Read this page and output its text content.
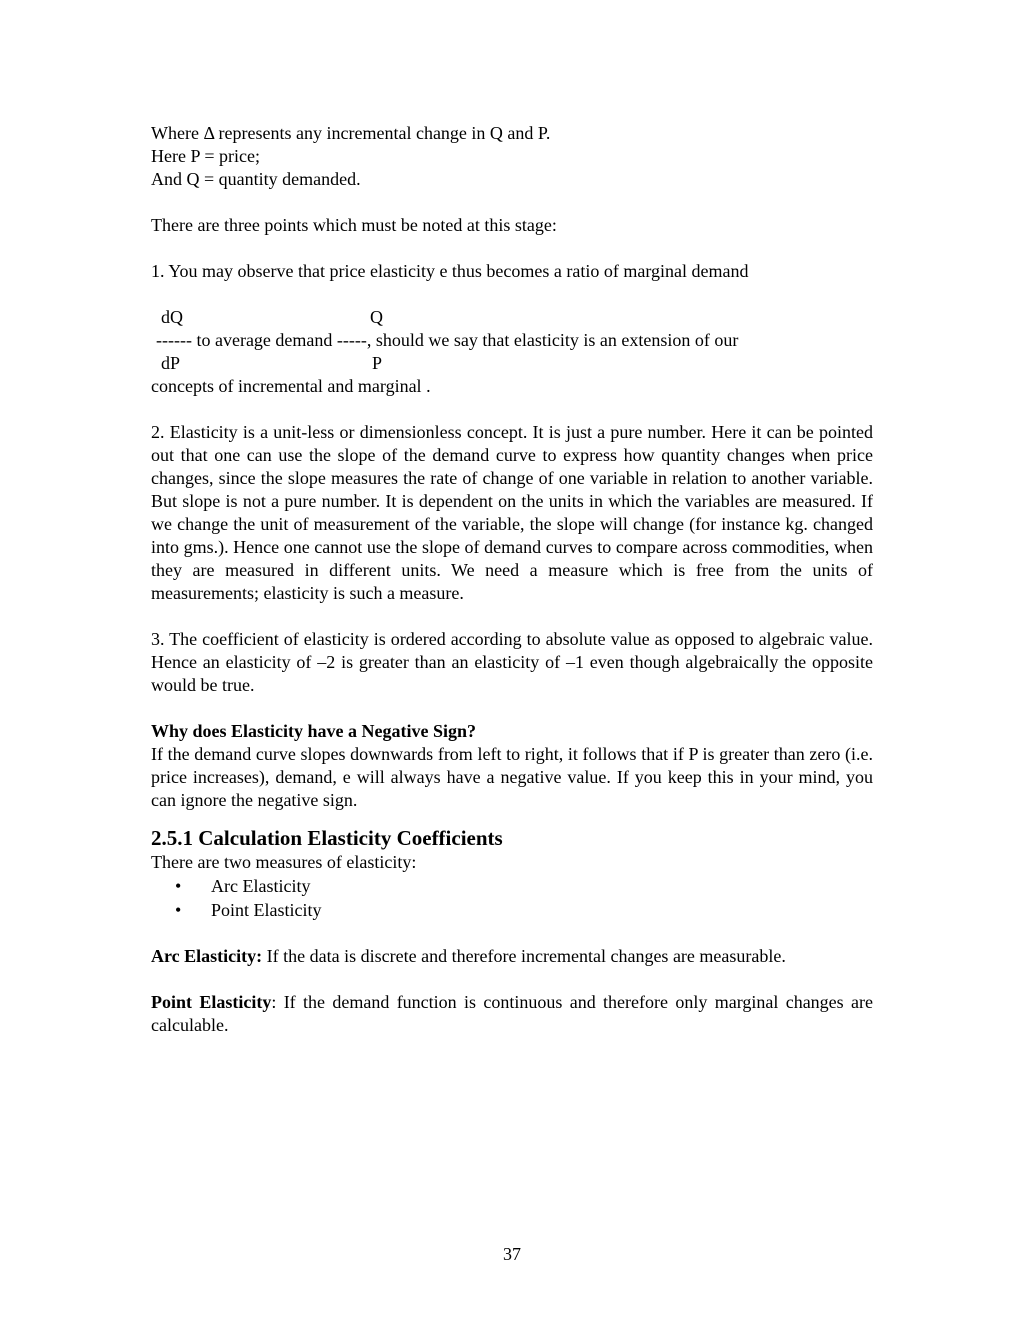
Where Δ represents any incremental change in Q and P.
Here P = price;
And Q = quantity demanded.
There are three points which must be noted at this stage:
1. You may observe that price elasticity e thus becomes a ratio of marginal demand
dQ	Q
------ to average demand -----, should we say that elasticity is an extension of our
dP	P
concepts of incremental and marginal .

2. Elasticity is a unit-less or dimensionless concept. It is just a pure number. Here it can be pointed out that one can use the slope of the demand curve to express how quantity changes when price changes, since the slope measures the rate of change of one variable in relation to another variable. But slope is not a pure number. It is dependent on the units in which the variables are measured. If we change the unit of measurement of the variable, the slope will change (for instance kg. changed into gms.). Hence one cannot use the slope of demand curves to compare across commodities, when they are measured in different units. We need a measure which is free from the units of measurements; elasticity is such a measure.

3. The coefficient of elasticity is ordered according to absolute value as opposed to algebraic value. Hence an elasticity of –2 is greater than an elasticity of –1 even though algebraically the opposite would be true.

Why does Elasticity have a Negative Sign?

If the demand curve slopes downwards from left to right, it follows that if P is greater than zero (i.e. price increases), demand, e will always have a negative value. If you keep this in your mind, you can ignore the negative sign.

2.5.1 Calculation Elasticity Coefficients
There are two measures of elasticity:
• Arc Elasticity
• Point Elasticity

Arc Elasticity: If the data is discrete and therefore incremental changes are measurable.

Point Elasticity: If the demand function is continuous and therefore only marginal changes are calculable.

37
